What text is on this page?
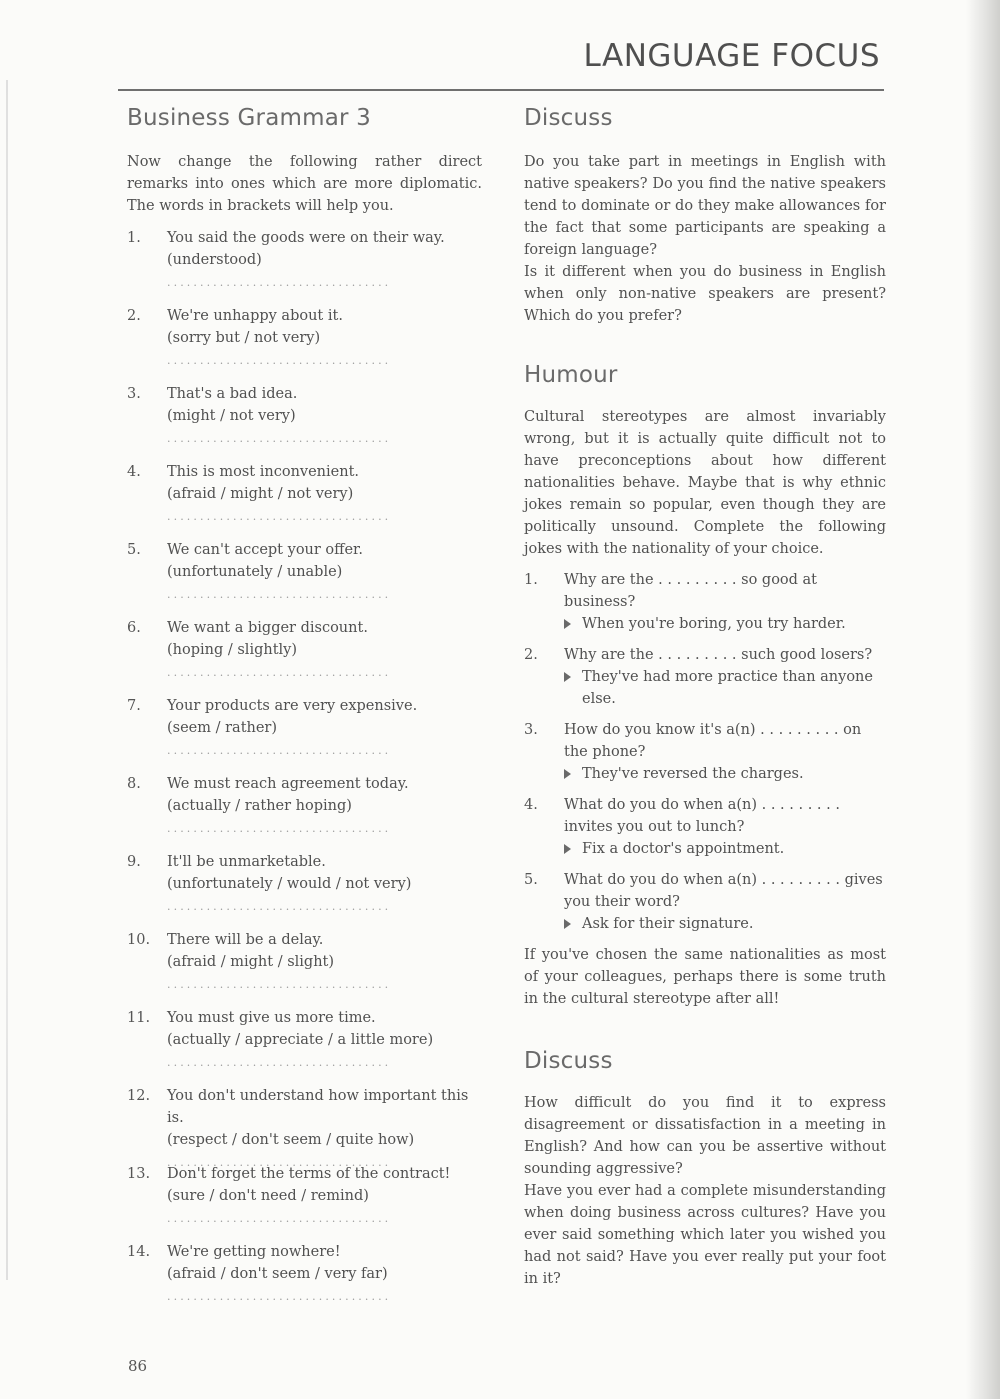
LANGUAGE FOCUS
Business Grammar 3

Now change the following rather direct remarks into ones which are more diplomatic. The words in brackets will help you.

1. You said the goods were on their way.
(understood)
..................................
2. We're unhappy about it.
(sorry but / not very)
..................................
3. That's a bad idea.
(might / not very)
..................................
4. This is most inconvenient.
(afraid / might / not very)
..................................
5. We can't accept your offer.
(unfortunately / unable)
..................................
6. We want a bigger discount.
(hoping / slightly)
..................................
7. Your products are very expensive.
(seem / rather)
..................................
8. We must reach agreement today.
(actually / rather hoping)
..................................
9. It'll be unmarketable.
(unfortunately / would / not very)
..................................
10. There will be a delay.
(afraid / might / slight)
..................................
11. You must give us more time.
(actually / appreciate / a little more)
..................................
12. You don't understand how important this is.
(respect / don't seem / quite how)
..................................
13. Don't forget the terms of the contract!
(sure / don't need / remind)
..................................
14. We're getting nowhere!
(afraid / don't seem / very far)
..................................
Discuss

Do you take part in meetings in English with native speakers? Do you find the native speakers tend to dominate or do they make allowances for the fact that some participants are speaking a foreign language?

Is it different when you do business in English when only non-native speakers are present? Which do you prefer?

Humour

Cultural stereotypes are almost invariably wrong, but it is actually quite difficult not to have preconceptions about how different nationalities behave. Maybe that is why ethnic jokes remain so popular, even though they are politically unsound. Complete the following jokes with the nationality of your choice.

1. Why are the . . . . . . . . . so good at business?
When you're boring, you try harder.
2. Why are the . . . . . . . . . such good losers?
They've had more practice than anyone else.
3. How do you know it's a(n) . . . . . . . . . on the phone?
They've reversed the charges.
4. What do you do when a(n) . . . . . . . . . invites you out to lunch?
Fix a doctor's appointment.
5. What do you do when a(n) . . . . . . . . . gives you their word?
Ask for their signature.

If you've chosen the same nationalities as most of your colleagues, perhaps there is some truth in the cultural stereotype after all!

Discuss

How difficult do you find it to express disagreement or dissatisfaction in a meeting in English? And how can you be assertive without sounding aggressive?

Have you ever had a complete misunderstanding when doing business across cultures? Have you ever said something which later you wished you had not said? Have you ever really put your foot in it?

86
